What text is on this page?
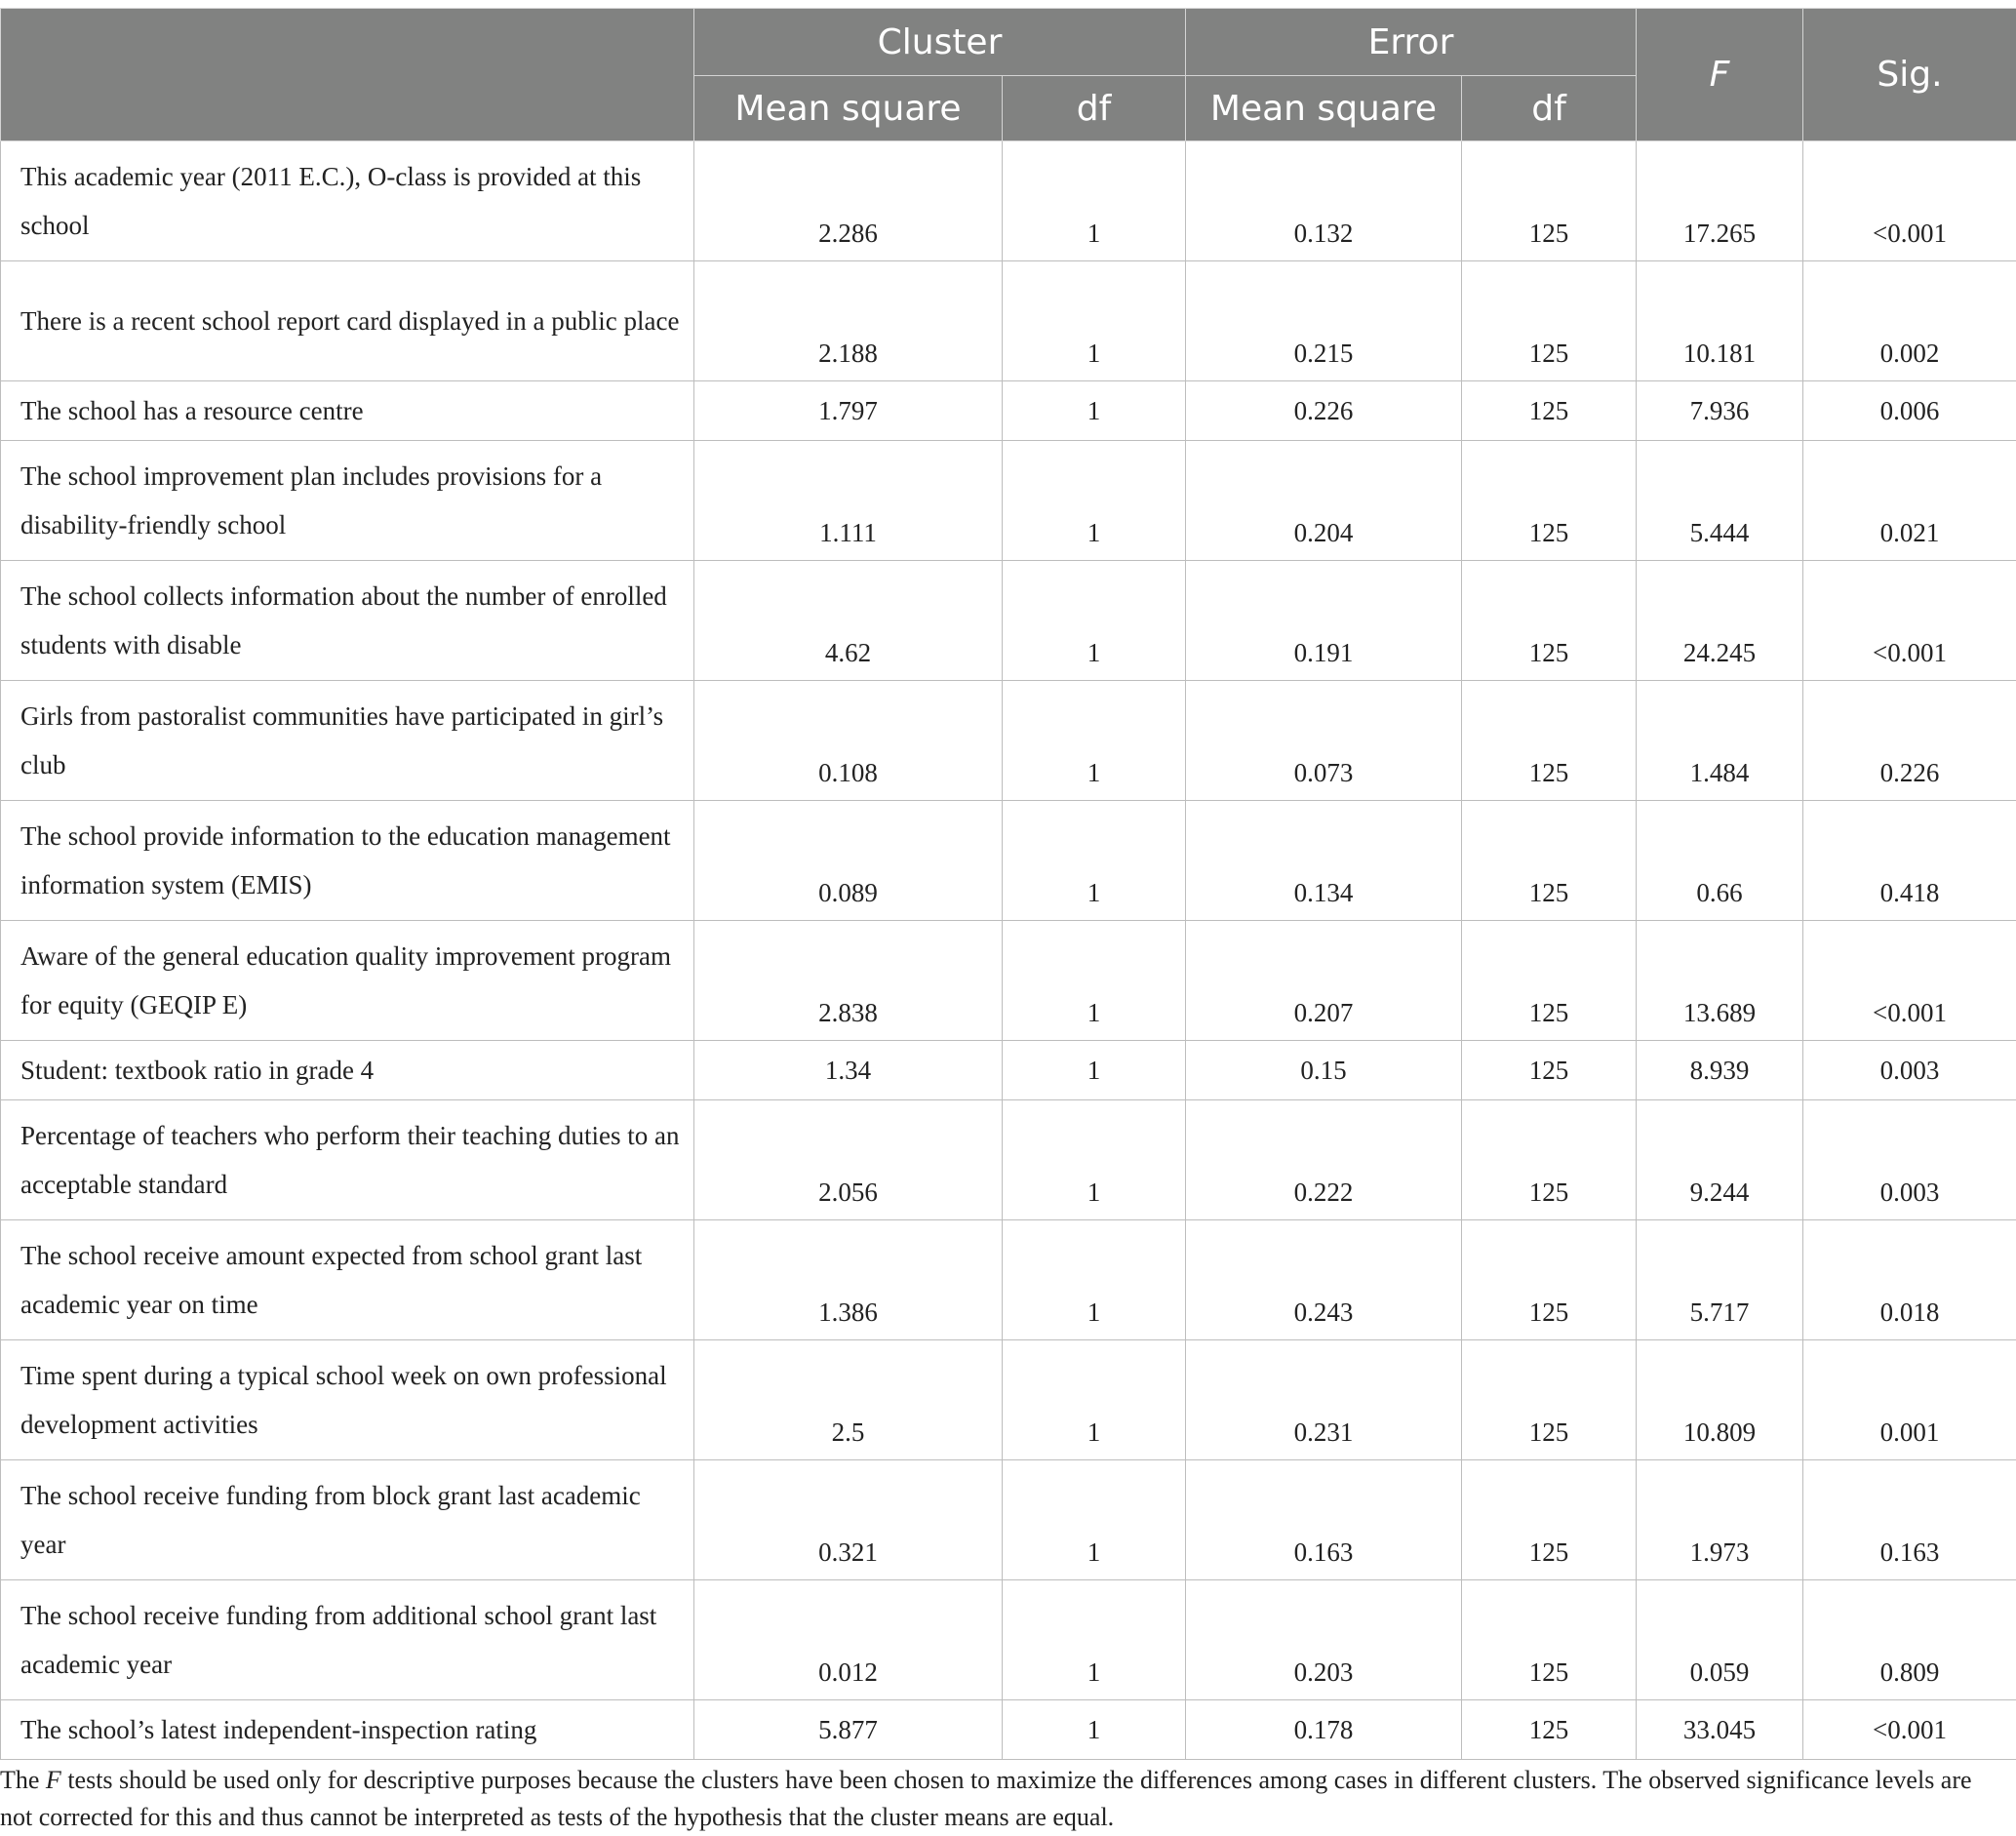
	Cluster		Error		F	Sig.
	Mean square	df	Mean square	df		
This academic year (2011 E.C.), O-class is provided at this school	2.286	1	0.132	125	17.265	<0.001
There is a recent school report card displayed in a public place	2.188	1	0.215	125	10.181	0.002
The school has a resource centre	1.797	1	0.226	125	7.936	0.006
The school improvement plan includes provisions for a disability-friendly school	1.111	1	0.204	125	5.444	0.021
The school collects information about the number of enrolled students with disable	4.62	1	0.191	125	24.245	<0.001
Girls from pastoralist communities have participated in girl’s club	0.108	1	0.073	125	1.484	0.226
The school provide information to the education management information system (EMIS)	0.089	1	0.134	125	0.66	0.418
Aware of the general education quality improvement program for equity (GEQIP E)	2.838	1	0.207	125	13.689	<0.001
Student: textbook ratio in grade 4	1.34	1	0.15	125	8.939	0.003
Percentage of teachers who perform their teaching duties to an acceptable standard	2.056	1	0.222	125	9.244	0.003
The school receive amount expected from school grant last academic year on time	1.386	1	0.243	125	5.717	0.018
Time spent during a typical school week on own professional development activities	2.5	1	0.231	125	10.809	0.001
The school receive funding from block grant last academic year	0.321	1	0.163	125	1.973	0.163
The school receive funding from additional school grant last academic year	0.012	1	0.203	125	0.059	0.809
The school’s latest independent-inspection rating	5.877	1	0.178	125	33.045	<0.001

The F tests should be used only for descriptive purposes because the clusters have been chosen to maximize the differences among cases in different clusters. The observed significance levels are not corrected for this and thus cannot be interpreted as tests of the hypothesis that the cluster means are equal.
